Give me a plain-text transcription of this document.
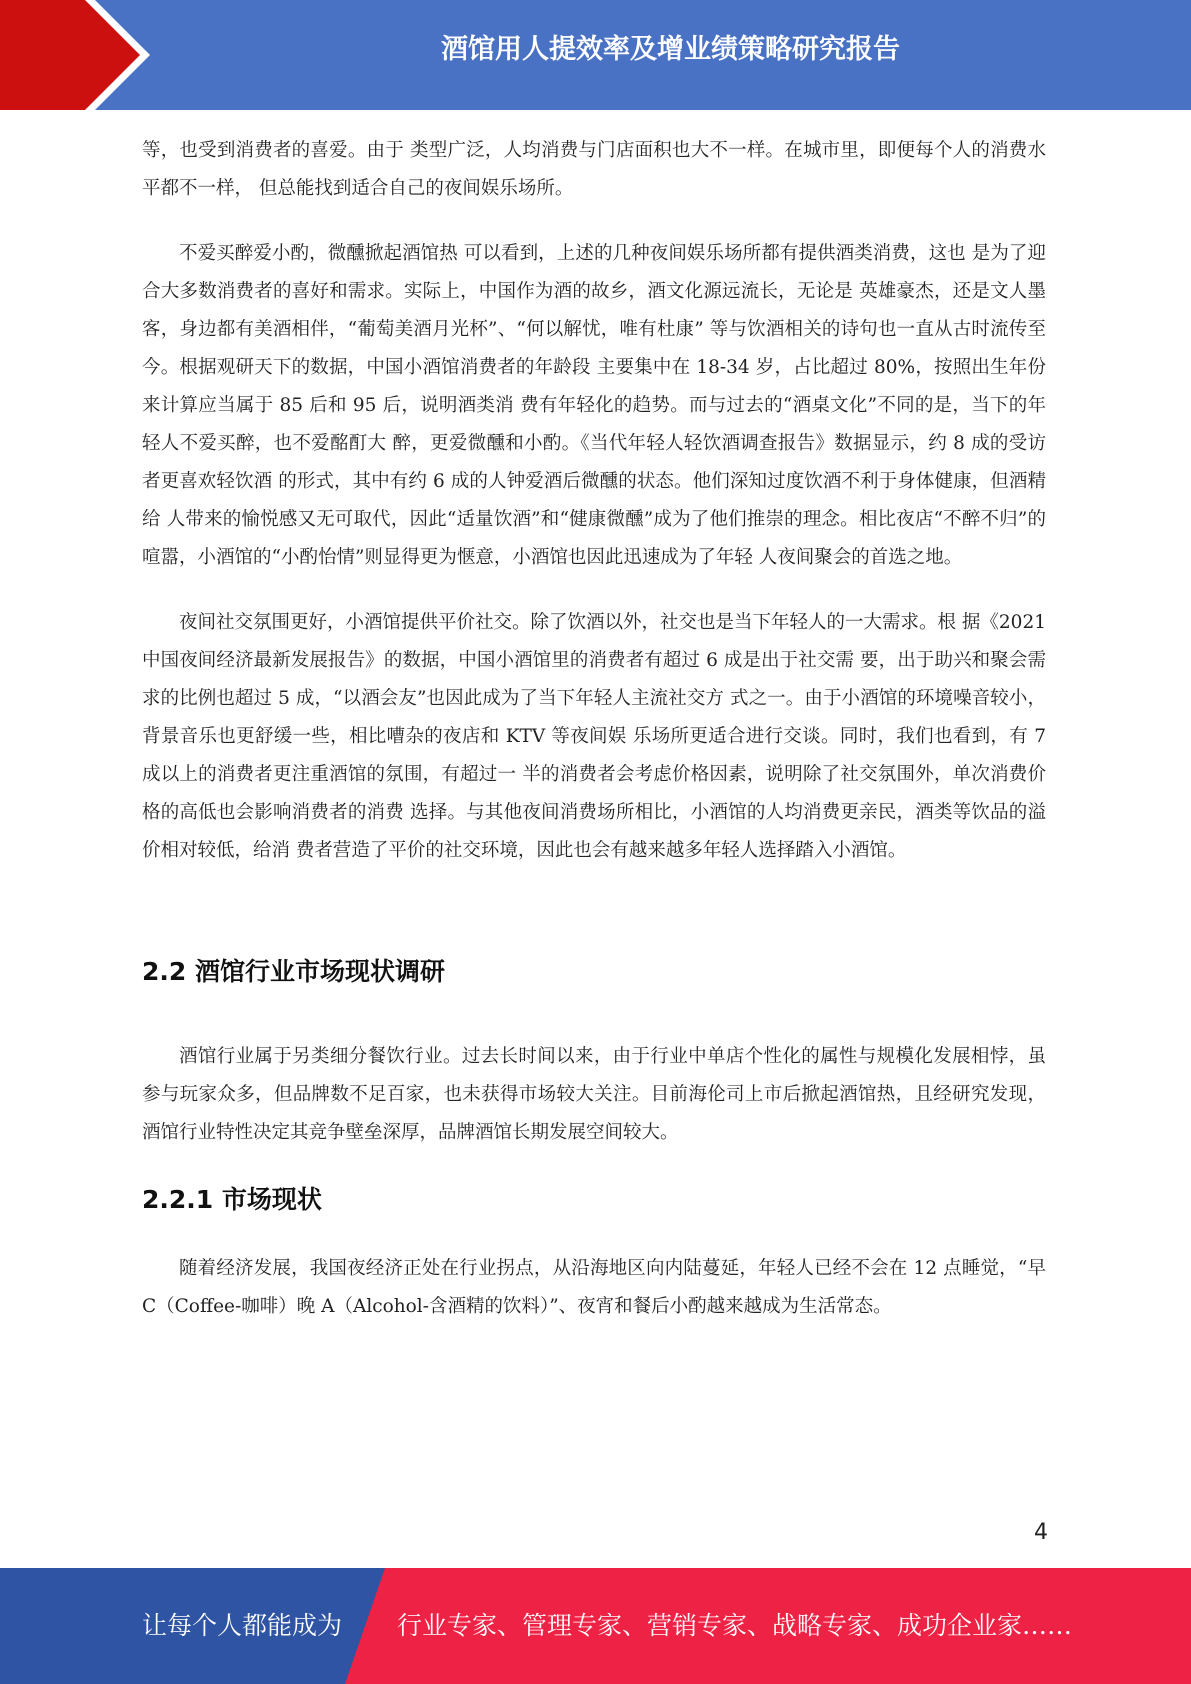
酒馆用人提效率及增业绩策略研究报告

等，也受到消费者的喜爱。由于 类型广泛，人均消费与门店面积也大不一样。在城市里，即便每个人的消费水平都不一样， 但总能找到适合自己的夜间娱乐场所。

不爱买醉爱小酌，微醺掀起酒馆热 可以看到，上述的几种夜间娱乐场所都有提供酒类消费，这也 是为了迎合大多数消费者的喜好和需求。实际上，中国作为酒的故乡，酒文化源远流长，无论是 英雄豪杰，还是文人墨客，身边都有美酒相伴，“葡萄美酒月光杯”、“何以解忧，唯有杜康” 等与饮酒相关的诗句也一直从古时流传至今。根据观研天下的数据，中国小酒馆消费者的年龄段 主要集中在 18-34 岁，占比超过 80%，按照出生年份来计算应当属于 85 后和 95 后，说明酒类消 费有年轻化的趋势。而与过去的“酒桌文化”不同的是，当下的年轻人不爱买醉，也不爱酩酊大 醉，更爱微醺和小酌。《当代年轻人轻饮酒调查报告》数据显示，约 8 成的受访者更喜欢轻饮酒 的形式，其中有约 6 成的人钟爱酒后微醺的状态。他们深知过度饮酒不利于身体健康，但酒精给 人带来的愉悦感又无可取代，因此“适量饮酒”和“健康微醺”成为了他们推崇的理念。相比夜店“不醉不归”的喧嚣，小酒馆的“小酌怡情”则显得更为惬意，小酒馆也因此迅速成为了年轻 人夜间聚会的首选之地。

夜间社交氛围更好，小酒馆提供平价社交。除了饮酒以外，社交也是当下年轻人的一大需求。根 据《2021 中国夜间经济最新发展报告》的数据，中国小酒馆里的消费者有超过 6 成是出于社交需 要，出于助兴和聚会需求的比例也超过 5 成，“以酒会友”也因此成为了当下年轻人主流社交方 式之一。由于小酒馆的环境噪音较小，背景音乐也更舒缓一些，相比嘈杂的夜店和 KTV 等夜间娱 乐场所更适合进行交谈。同时，我们也看到，有 7 成以上的消费者更注重酒馆的氛围，有超过一 半的消费者会考虑价格因素，说明除了社交氛围外，单次消费价格的高低也会影响消费者的消费 选择。与其他夜间消费场所相比，小酒馆的人均消费更亲民，酒类等饮品的溢价相对较低，给消 费者营造了平价的社交环境，因此也会有越来越多年轻人选择踏入小酒馆。

2.2 酒馆行业市场现状调研

酒馆行业属于另类细分餐饮行业。过去长时间以来，由于行业中单店个性化的属性与规模化发展相悖，虽参与玩家众多，但品牌数不足百家，也未获得市场较大关注。目前海伦司上市后掀起酒馆热，且经研究发现，酒馆行业特性决定其竞争壁垒深厚，品牌酒馆长期发展空间较大。

2.2.1 市场现状

随着经济发展，我国夜经济正处在行业拐点，从沿海地区向内陆蔓延，年轻人已经不会在 12 点睡觉，“早 C（Coffee-咖啡）晚 A（Alcohol-含酒精的饮料）”、夜宵和餐后小酌越来越成为生活常态。

4
让每个人都能成为 行业专家、管理专家、营销专家、战略专家、成功企业家……
